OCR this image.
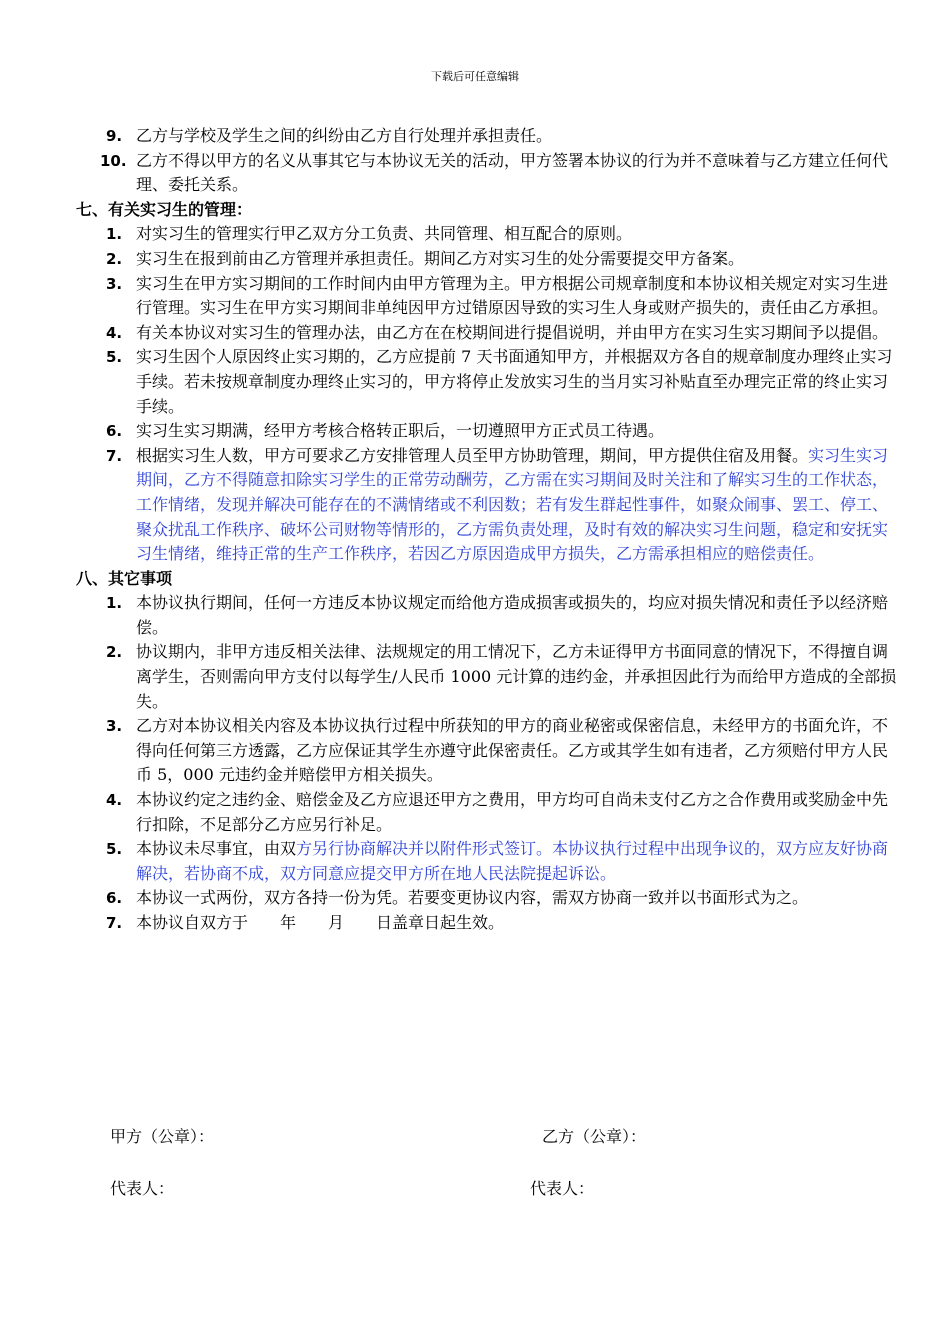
下载后可任意编辑
9. 乙方与学校及学生之间的纠纷由乙方自行处理并承担责任。
10. 乙方不得以甲方的名义从事其它与本协议无关的活动，甲方签署本协议的行为并不意味着与乙方建立任何代理、委托关系。
七、有关实习生的管理：
1. 对实习生的管理实行甲乙双方分工负责、共同管理、相互配合的原则。
2. 实习生在报到前由乙方管理并承担责任。期间乙方对实习生的处分需要提交甲方备案。
3. 实习生在甲方实习期间的工作时间内由甲方管理为主。甲方根据公司规章制度和本协议相关规定对实习生进行管理。实习生在甲方实习期间非单纯因甲方过错原因导致的实习生人身或财产损失的，责任由乙方承担。
4. 有关本协议对实习生的管理办法，由乙方在在校期间进行提倡说明，并由甲方在实习生实习期间予以提倡。
5. 实习生因个人原因终止实习期的，乙方应提前 7 天书面通知甲方，并根据双方各自的规章制度办理终止实习手续。若未按规章制度办理终止实习的，甲方将停止发放实习生的当月实习补贴直至办理完正常的终止实习手续。
6. 实习生实习期满，经甲方考核合格转正职后，一切遵照甲方正式员工待遇。
7. 根据实习生人数，甲方可要求乙方安排管理人员至甲方协助管理，期间，甲方提供住宿及用餐。实习生实习期间，乙方不得随意扣除实习学生的正常劳动酬劳，乙方需在实习期间及时关注和了解实习生的工作状态，工作情绪，发现并解决可能存在的不满情绪或不利因数；若有发生群起性事件，如聚众闹事、罢工、停工、聚众扰乱工作秩序、破坏公司财物等情形的，乙方需负责处理，及时有效的解决实习生问题，稳定和安抚实习生情绪，维持正常的生产工作秩序，若因乙方原因造成甲方损失，乙方需承担相应的赔偿责任。
八、其它事项
1. 本协议执行期间，任何一方违反本协议规定而给他方造成损害或损失的，均应对损失情况和责任予以经济赔偿。
2. 协议期内，非甲方违反相关法律、法规规定的用工情况下，乙方未证得甲方书面同意的情况下，不得擅自调离学生，否则需向甲方支付以每学生/人民币 1000 元计算的违约金，并承担因此行为而给甲方造成的全部损失。
3. 乙方对本协议相关内容及本协议执行过程中所获知的甲方的商业秘密或保密信息，未经甲方的书面允许，不得向任何第三方透露，乙方应保证其学生亦遵守此保密责任。乙方或其学生如有违者，乙方须赔付甲方人民币 5，000 元违约金并赔偿甲方相关损失。
4. 本协议约定之违约金、赔偿金及乙方应退还甲方之费用，甲方均可自尚未支付乙方之合作费用或奖励金中先行扣除，不足部分乙方应另行补足。
5. 本协议未尽事宜，由双方另行协商解决并以附件形式签订。本协议执行过程中出现争议的，双方应友好协商解决，若协商不成，双方同意应提交甲方所在地人民法院提起诉讼。
6. 本协议一式两份，双方各持一份为凭。若要变更协议内容，需双方协商一致并以书面形式为之。
7. 本协议自双方于　　年　　月　　日盖章日起生效。
甲方（公章）：	乙方（公章）：
代表人：	代表人：
